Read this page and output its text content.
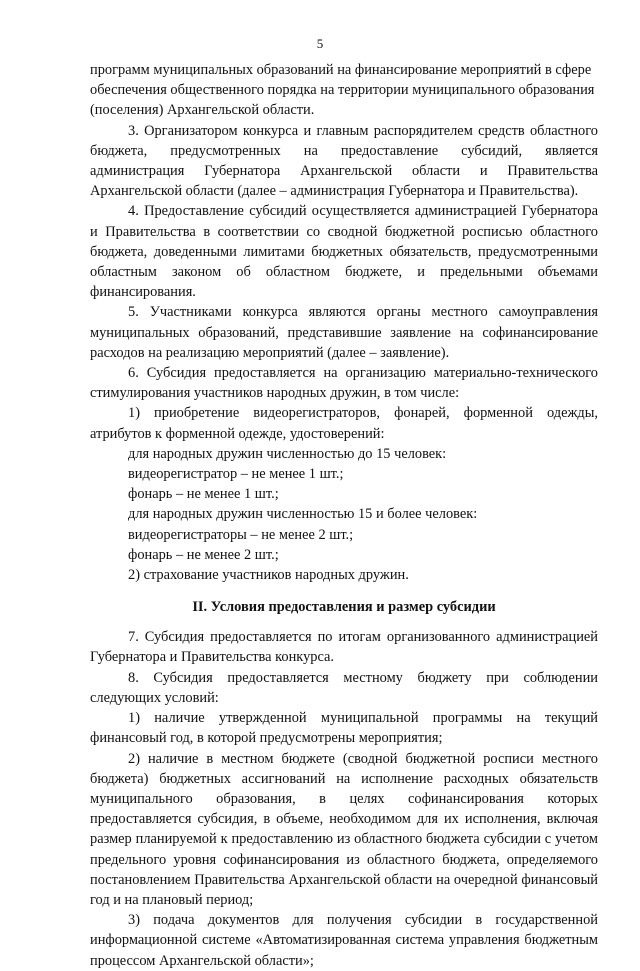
5

программ муниципальных образований на финансирование мероприятий в сфере обеспечения общественного порядка на территории муниципального образования (поселения) Архангельской области.

3. Организатором конкурса и главным распорядителем средств областного бюджета, предусмотренных на предоставление субсидий, является администрация Губернатора Архангельской области и Правительства Архангельской области (далее – администрация Губернатора и Правительства).

4. Предоставление субсидий осуществляется администрацией Губернатора и Правительства в соответствии со сводной бюджетной росписью областного бюджета, доведенными лимитами бюджетных обязательств, предусмотренными областным законом об областном бюджете, и предельными объемами финансирования.

5. Участниками конкурса являются органы местного самоуправления муниципальных образований, представившие заявление на софинансирование расходов на реализацию мероприятий (далее – заявление).

6. Субсидия предоставляется на организацию материально-технического стимулирования участников народных дружин, в том числе:

1) приобретение видеорегистраторов, фонарей, форменной одежды, атрибутов к форменной одежде, удостоверений:

для народных дружин численностью до 15 человек:

видеорегистратор – не менее 1 шт.;

фонарь – не менее 1 шт.;

для народных дружин численностью 15 и более человек:

видеорегистраторы – не менее 2 шт.;

фонарь – не менее 2 шт.;

2) страхование участников народных дружин.

II. Условия предоставления и размер субсидии

7. Субсидия предоставляется по итогам организованного администрацией Губернатора и Правительства конкурса.

8. Субсидия предоставляется местному бюджету при соблюдении следующих условий:

1) наличие утвержденной муниципальной программы на текущий финансовый год, в которой предусмотрены мероприятия;

2) наличие в местном бюджете (сводной бюджетной росписи местного бюджета) бюджетных ассигнований на исполнение расходных обязательств муниципального образования, в целях софинансирования которых предоставляется субсидия, в объеме, необходимом для их исполнения, включая размер планируемой к предоставлению из областного бюджета субсидии с учетом предельного уровня софинансирования из областного бюджета, определяемого постановлением Правительства Архангельской области на очередной финансовый год и на плановый период;

3) подача документов для получения субсидии в государственной информационной системе «Автоматизированная система управления бюджетным процессом Архангельской области»;
